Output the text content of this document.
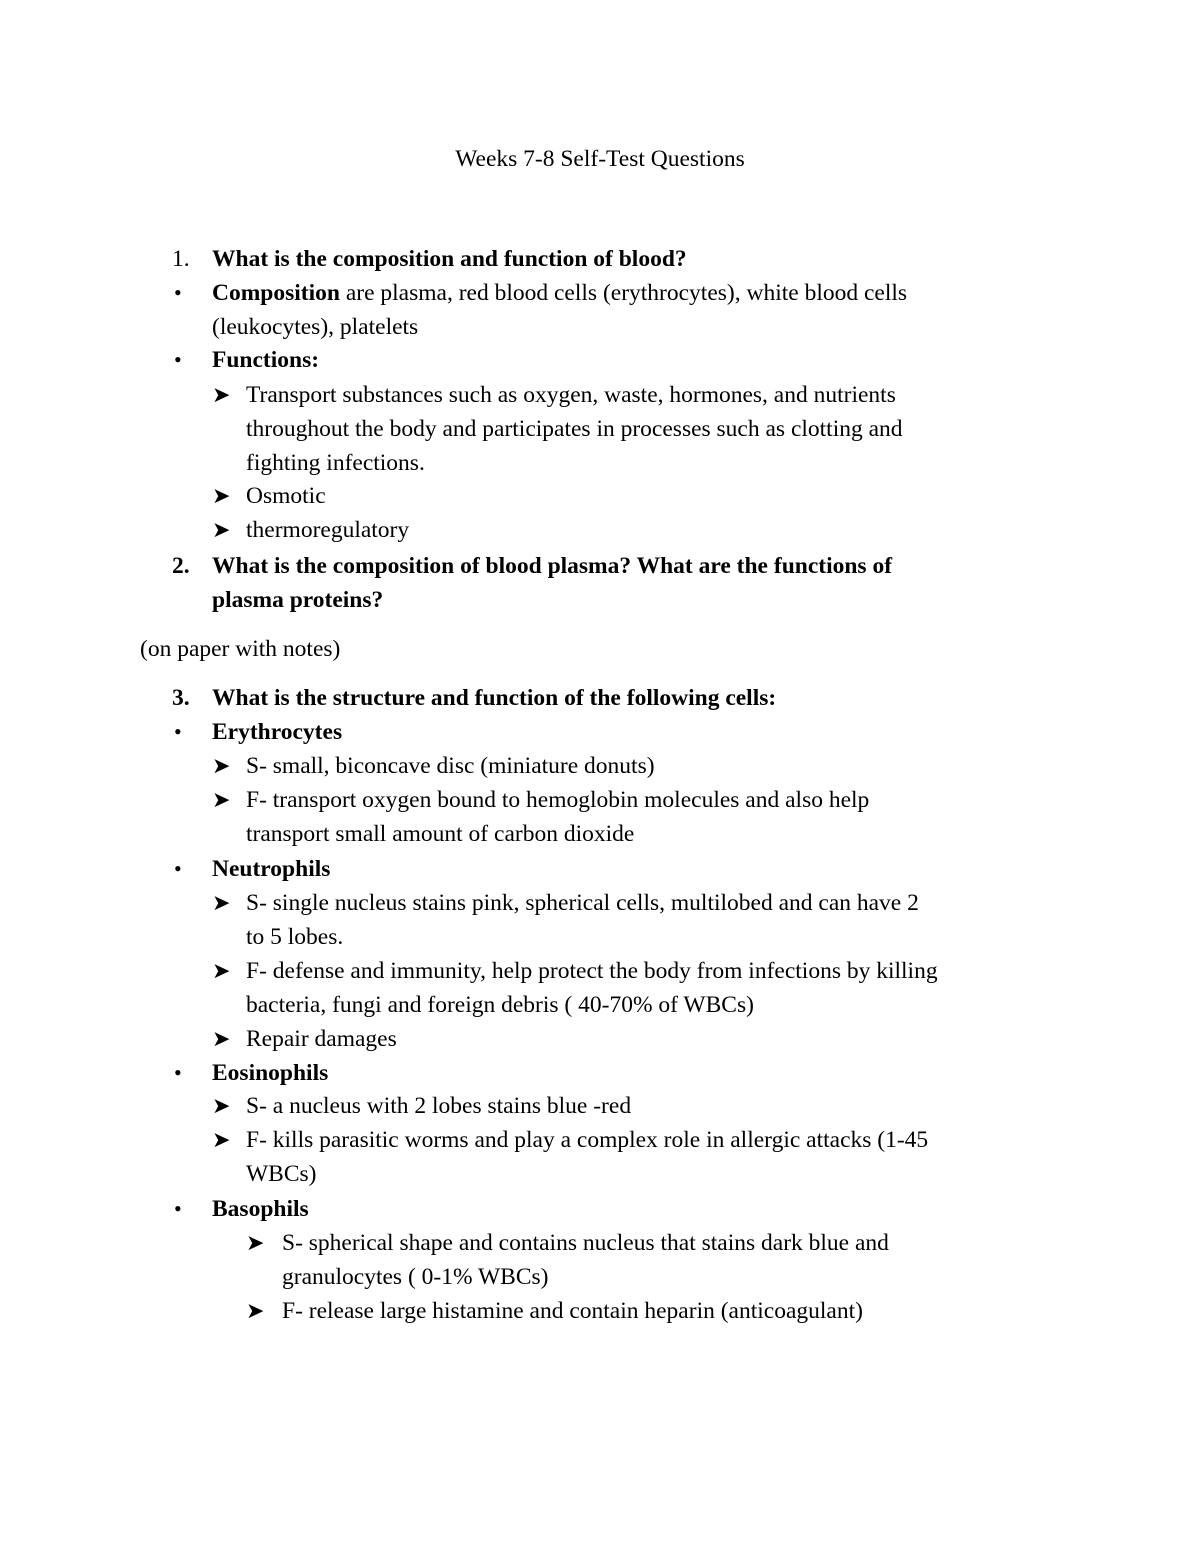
Weeks 7-8 Self-Test Questions
1. What is the composition and function of blood?
• Composition are plasma, red blood cells (erythrocytes), white blood cells
(leukocytes), platelets
• Functions:
➤ Transport substances such as oxygen, waste, hormones, and nutrients
throughout the body and participates in processes such as clotting and
fighting infections.
➤ Osmotic
➤ thermoregulatory
2. What is the composition of blood plasma? What are the functions of
plasma proteins?
(on paper with notes)
3. What is the structure and function of the following cells:
• Erythrocytes
➤ S- small, biconcave disc (miniature donuts)
➤ F- transport oxygen bound to hemoglobin molecules and also help
transport small amount of carbon dioxide
• Neutrophils
➤ S- single nucleus stains pink, spherical cells, multilobed and can have 2
to 5 lobes.
➤ F- defense and immunity, help protect the body from infections by killing
bacteria, fungi and foreign debris ( 40-70% of WBCs)
➤ Repair damages
• Eosinophils
➤ S- a nucleus with 2 lobes stains blue -red
➤ F- kills parasitic worms and play a complex role in allergic attacks (1-45
WBCs)
• Basophils
➤ S- spherical shape and contains nucleus that stains dark blue and
granulocytes ( 0-1% WBCs)
➤ F- release large histamine and contain heparin (anticoagulant)
